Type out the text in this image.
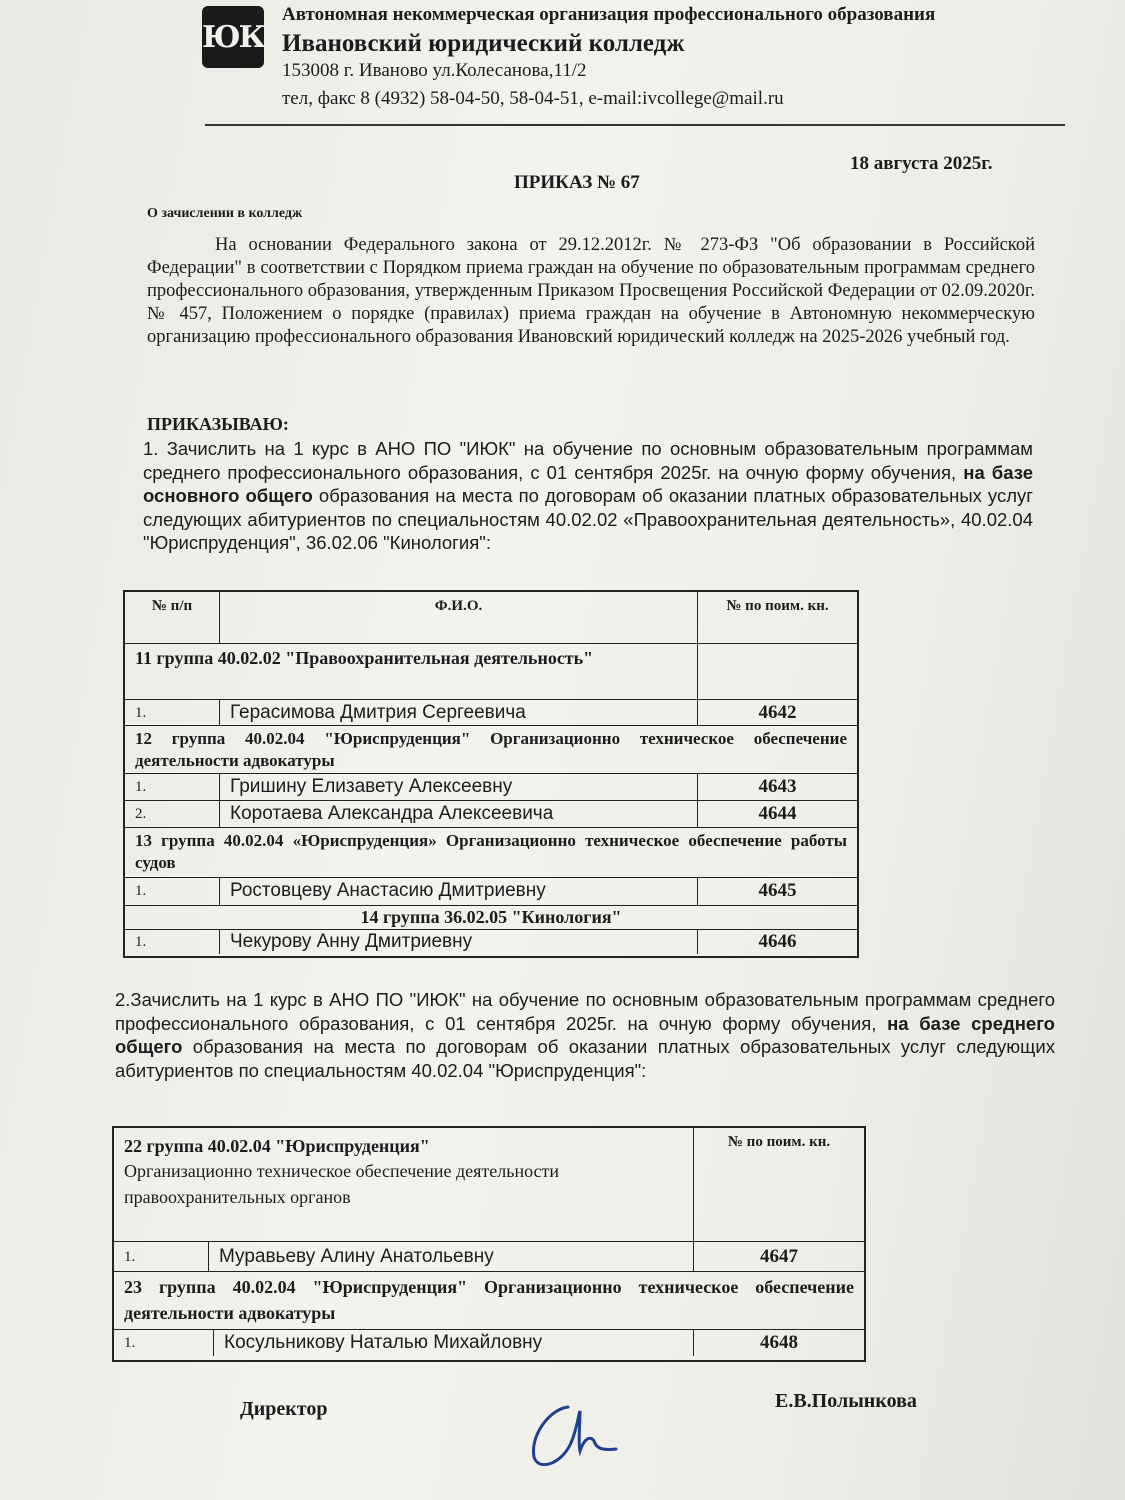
ЮК
Автономная некоммерческая организация профессионального образования
Ивановский юридический колледж
153008 г. Иваново ул.Колесанова,11/2
тел, факс 8 (4932) 58-04-50, 58-04-51, e-mail:ivcollege@mail.ru
18 августа 2025г.
ПРИКАЗ № 67
О зачислении в колледж
На основании Федерального закона от 29.12.2012г. № 273-ФЗ "Об образовании в Российской Федерации" в соответствии с Порядком приема граждан на обучение по образовательным программам среднего профессионального образования, утвержденным Приказом Просвещения Российской Федерации от 02.09.2020г. № 457, Положением о порядке (правилах) приема граждан на обучение в Автономную некоммерческую организацию профессионального образования Ивановский юридический колледж на 2025-2026 учебный год.
ПРИКАЗЫВАЮ:
1. Зачислить на 1 курс в АНО ПО "ИЮК" на обучение по основным образовательным программам среднего профессионального образования, с 01 сентября 2025г. на очную форму обучения, на базе основного общего образования на места по договорам об оказании платных образовательных услуг следующих абитуриентов по специальностям 40.02.02 «Правоохранительная деятельность», 40.02.04 "Юриспруденция", 36.02.06 "Кинология":
№ п/п	Ф.И.О.	№ по поим. кн.
11 группа 40.02.02 "Правоохранительная деятельность"
1.	Герасимова Дмитрия Сергеевича	4642
12 группа 40.02.04 "Юриспруденция" Организационно техническое обеспечение деятельности адвокатуры
1.	Гришину Елизавету Алексеевну	4643
2.	Коротаева Александра Алексеевича	4644
13 группа 40.02.04 «Юриспруденция» Организационно техническое обеспечение работы судов
1.	Ростовцеву Анастасию Дмитриевну	4645
14 группа 36.02.05 "Кинология"
1.	Чекурову Анну Дмитриевну	4646
2.Зачислить на 1 курс в АНО ПО "ИЮК" на обучение по основным образовательным программам среднего профессионального образования, с 01 сентября 2025г. на очную форму обучения, на базе среднего общего образования на места по договорам об оказании платных образовательных услуг следующих абитуриентов по специальностям 40.02.04 "Юриспруденция":
22 группа 40.02.04 "Юриспруденция"
Организационно техническое обеспечение деятельности правоохранительных органов
№ по поим. кн.
1.	Муравьеву Алину Анатольевну	4647
23 группа 40.02.04 "Юриспруденция" Организационно техническое обеспечение деятельности адвокатуры
1.	Косульникову Наталью Михайловну	4648
Директор	Е.В.Полынкова
